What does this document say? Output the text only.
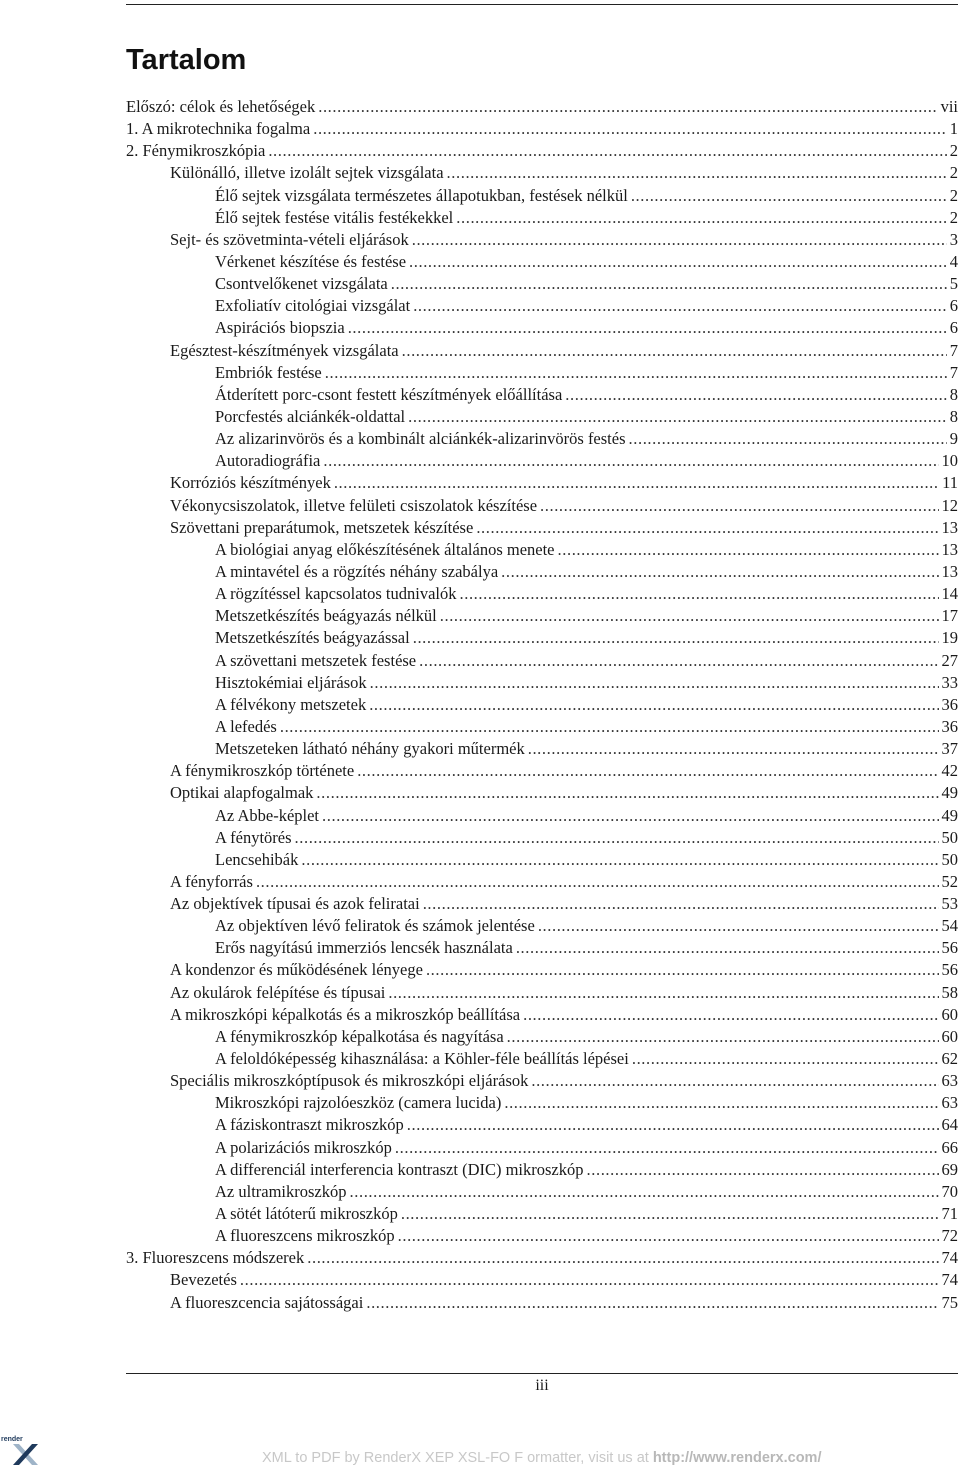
Tartalom
Előszó: célok és lehetőségek .....	vii
1. A mikrotechnika fogalma .....	1
2. Fénymikroszkópia .....	2
Különálló, illetve izolált sejtek vizsgálata .....	2
Élő sejtek vizsgálata természetes állapotukban, festések nélkül .....	2
Élő sejtek festése vitális festékekkel .....	2
Sejt- és szövetminta-vételi eljárások .....	3
Vérkenet készítése és festése .....	4
Csontvelőkenet vizsgálata .....	5
Exfoliatív citológiai vizsgálat .....	6
Aspirációs biopszia .....	6
Egésztest-készítmények vizsgálata .....	7
Embriók festése .....	7
Átderített porc-csont festett készítmények előállítása .....	8
Porcfestés alciánkék-oldattal .....	8
Az alizarinvörös és a kombinált alciánkék-alizarinvörös festés .....	9
Autoradiográfia .....	10
Korróziós készítmények .....	11
Vékonycsiszolatok, illetve felületi csiszolatok készítése .....	12
Szövettani preparátumok, metszetek készítése .....	13
A biológiai anyag előkészítésének általános menete .....	13
A mintavétel és a rögzítés néhány szabálya .....	13
A rögzítéssel kapcsolatos tudnivalók .....	14
Metszetkészítés beágyazás nélkül .....	17
Metszetkészítés beágyazással .....	19
A szövettani metszetek festése .....	27
Hisztokémiai eljárások .....	33
A félvékony metszetek .....	36
A lefedés .....	36
Metszeteken látható néhány gyakori műtermék .....	37
A fénymikroszkóp története .....	42
Optikai alapfogalmak .....	49
Az Abbe-képlet .....	49
A fénytörés .....	50
Lencsehibák .....	50
A fényforrás .....	52
Az objektívek típusai és azok feliratai .....	53
Az objektíven lévő feliratok és számok jelentése .....	54
Erős nagyítású immerziós lencsék használata .....	56
A kondenzor és működésének lényege .....	56
Az okulárok felépítése és típusai .....	58
A mikroszkópi képalkotás és a mikroszkóp beállítása .....	60
A fénymikroszkóp képalkotása és nagyítása .....	60
A feloldóképesség kihasználása: a Köhler-féle beállítás lépései .....	62
Speciális mikroszkóptípusok és mikroszkópi eljárások .....	63
Mikroszkópi rajzolóeszköz (camera lucida) .....	63
A fáziskontraszt mikroszkóp .....	64
A polarizációs mikroszkóp .....	66
A differenciál interferencia kontraszt (DIC) mikroszkóp .....	69
Az ultramikroszkóp .....	70
A sötét látóterű mikroszkóp .....	71
A fluoreszcens mikroszkóp .....	72
3. Fluoreszcens módszerek .....	74
Bevezetés .....	74
A fluoreszcencia sajátosságai .....	75
iii
render
XML to PDF by RenderX XEP XSL-FO F ormatter, visit us at http://www.renderx.com/
